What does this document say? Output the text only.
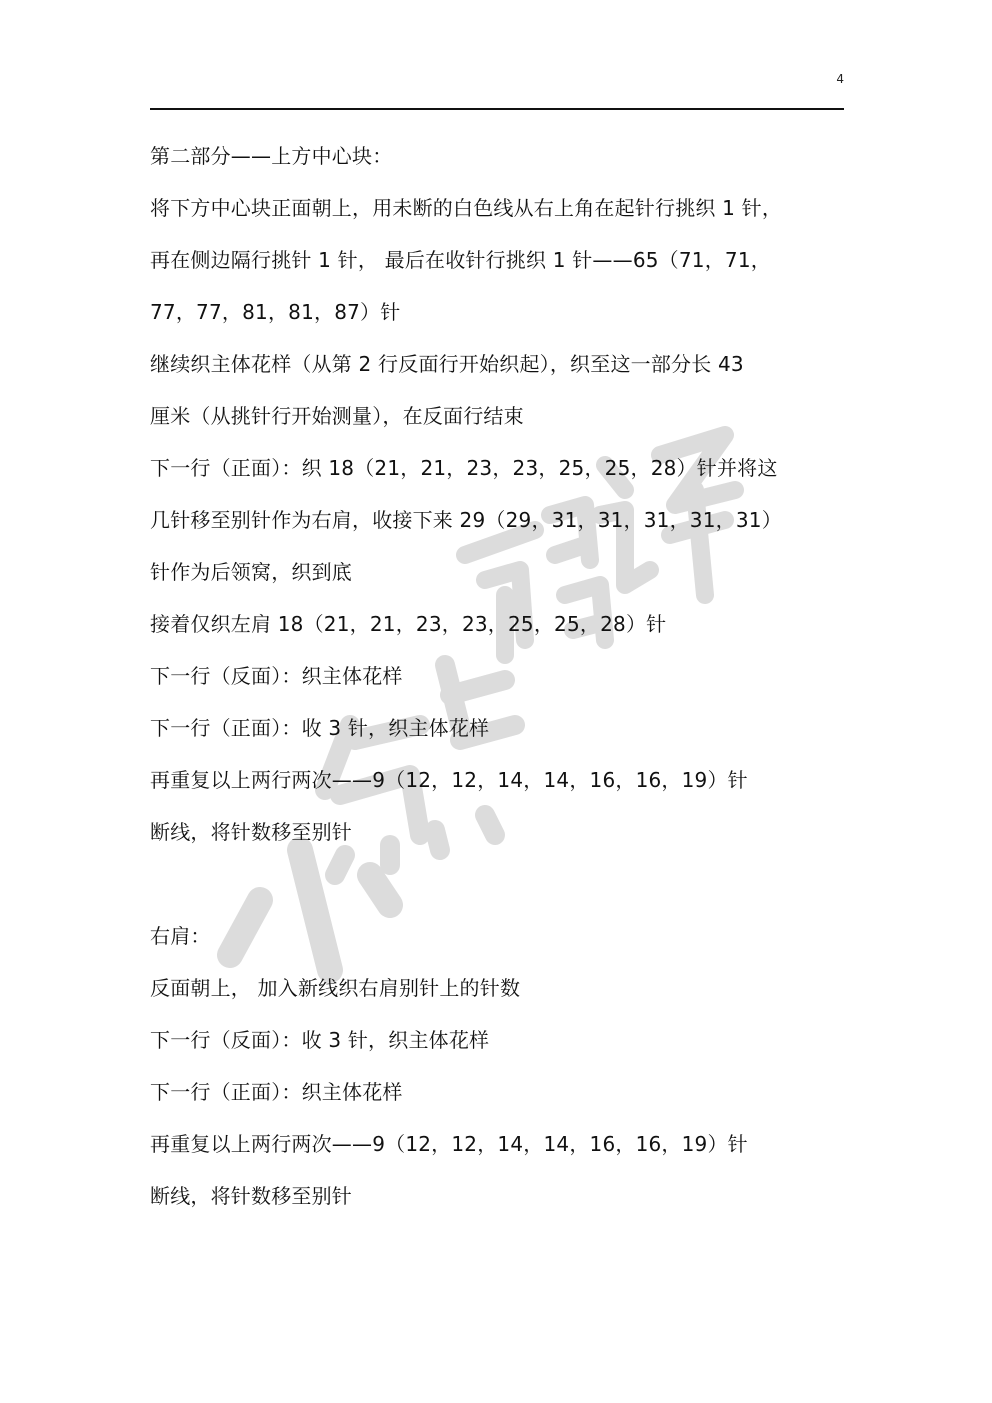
4
第二部分——上方中心块：
将下方中心块正面朝上，用未断的白色线从右上角在起针行挑织 1 针，
再在侧边隔行挑针 1 针， 最后在收针行挑织 1 针——65（71，71，
77，77，81，81，87）针
继续织主体花样（从第 2 行反面行开始织起），织至这一部分长 43
厘米（从挑针行开始测量），在反面行结束
下一行（正面）：织 18（21，21，23，23，25，25，28）针并将这
几针移至别针作为右肩，收接下来 29（29，31，31，31，31，31）
针作为后领窝，织到底
接着仅织左肩 18（21，21，23，23，25，25，28）针
下一行（反面）：织主体花样
下一行（正面）：收 3 针，织主体花样
再重复以上两行两次——9（12，12，14，14，16，16，19）针
断线，将针数移至别针
右肩：
反面朝上， 加入新线织右肩别针上的针数
下一行（反面）：收 3 针，织主体花样
下一行（正面）：织主体花样
再重复以上两行两次——9（12，12，14，14，16，16，19）针
断线，将针数移至别针
